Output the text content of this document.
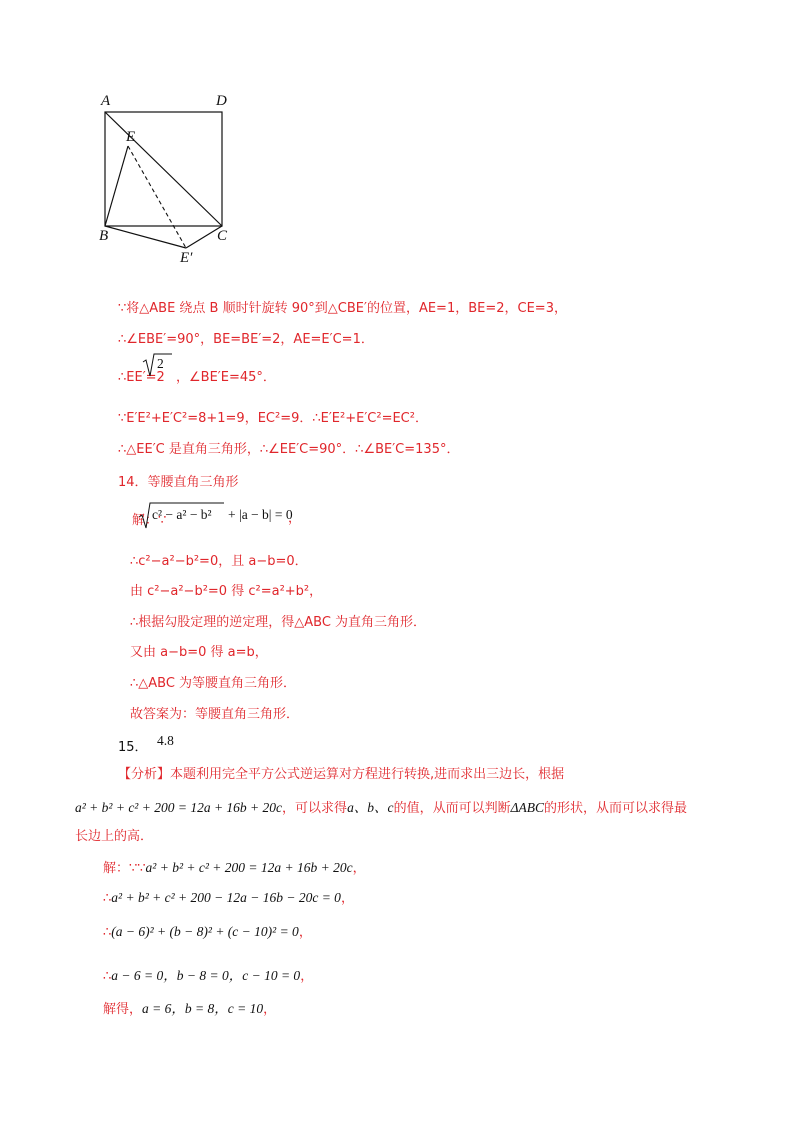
A	D
E
B	C
E′
∵将△ABE 绕点 B 顺时针旋转 90°到△CBE′的位置，AE=1，BE=2，CE=3，
∴∠EBE′=90°，BE=BE′=2，AE=E′C=1．
∴EE′=2
2
，∠BE′E=45°．
∵E′E²+E′C²=8+1=9，EC²=9．∴E′E²+E′C²=EC²．
∴△EE′C 是直角三角形，∴∠EE′C=90°．∴∠BE′C=135°．
14．等腰直角三角形
解：∵
c² − a² − b² + |a − b| = 0
，
∴c²−a²−b²=0，且 a−b=0．
由 c²−a²−b²=0 得 c²=a²+b²，
∴根据勾股定理的逆定理，得△ABC 为直角三角形．
又由 a−b=0 得 a=b，
∴△ABC 为等腰直角三角形．
故答案为：等腰直角三角形．
15． 4.8
【分析】本题利用完全平方公式逆运算对方程进行转换,进而求出三边长，根据
a² + b² + c² + 200 = 12a + 16b + 20c，可以求得a、b、c的值，从而可以判断ΔABC的形状，从而可以求得最
长边上的高．
解：∵∵a² + b² + c² + 200 = 12a + 16b + 20c，
∴a² + b² + c² + 200 − 12a − 16b − 20c = 0，
∴(a − 6)² + (b − 8)² + (c − 10)² = 0，
∴a − 6 = 0，b − 8 = 0，c − 10 = 0，
解得，a = 6，b = 8，c = 10，
